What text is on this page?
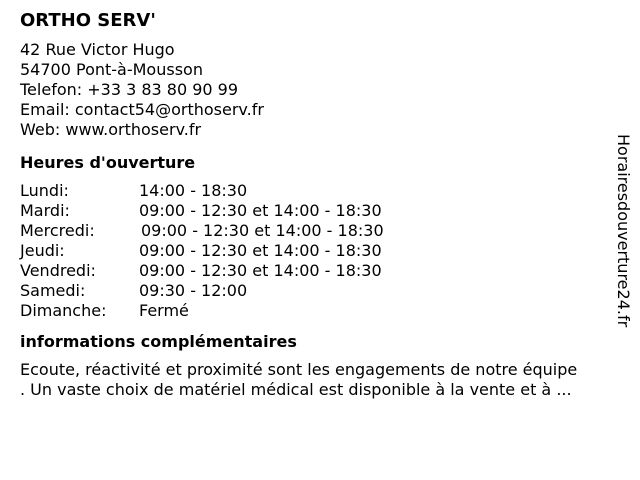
ORTHO SERV'
42 Rue Victor Hugo
54700 Pont-à-Mousson
Telefon: +33 3 83 80 90 99
Email: contact54@orthoserv.fr
Web: www.orthoserv.fr
Heures d'ouverture
Lundi:	14:00 - 18:30
Mardi:	09:00 - 12:30 et 14:00 - 18:30
Mercredi:	09:00 - 12:30 et 14:00 - 18:30
Jeudi:	09:00 - 12:30 et 14:00 - 18:30
Vendredi:	09:00 - 12:30 et 14:00 - 18:30
Samedi:	09:30 - 12:00
Dimanche:	Fermé
informations complémentaires
Ecoute, réactivité et proximité sont les engagements de notre équipe
. Un vaste choix de matériel médical est disponible à la vente et à ...
Horairesdouverture24.fr
